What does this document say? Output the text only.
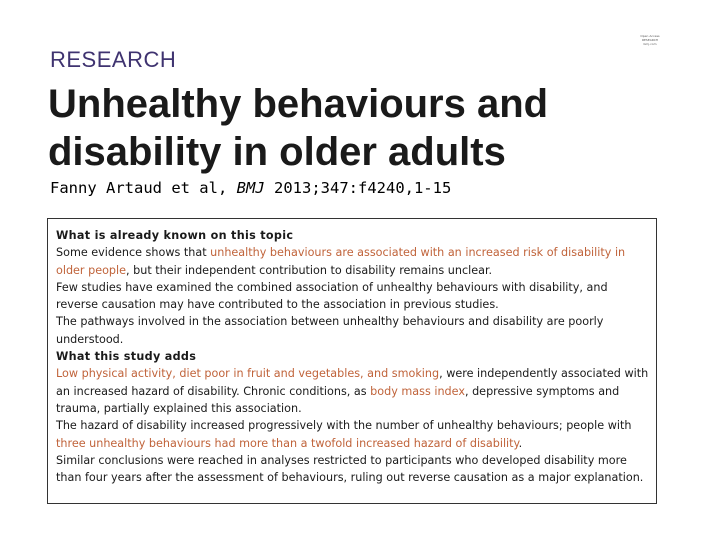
Open Access
RESEARCH
bmj.com
RESEARCH
Unhealthy behaviours and
disability in older adults
Fanny Artaud et al, BMJ 2013;347:f4240,1-15
What is already known on this topic

Some evidence shows that unhealthy behaviours are associated with an increased risk of disability in older people, but their independent contribution to disability remains unclear.

Few studies have examined the combined association of unhealthy behaviours with disability, and reverse causation may have contributed to the association in previous studies.

The pathways involved in the association between unhealthy behaviours and disability are poorly understood.

What this study adds

Low physical activity, diet poor in fruit and vegetables, and smoking, were independently associated with an increased hazard of disability. Chronic conditions, as body mass index, depressive symptoms and trauma, partially explained this association.

The hazard of disability increased progressively with the number of unhealthy behaviours; people with three unhealthy behaviours had more than a twofold increased hazard of disability.

Similar conclusions were reached in analyses restricted to participants who developed disability more than four years after the assessment of behaviours, ruling out reverse causation as a major explanation.
